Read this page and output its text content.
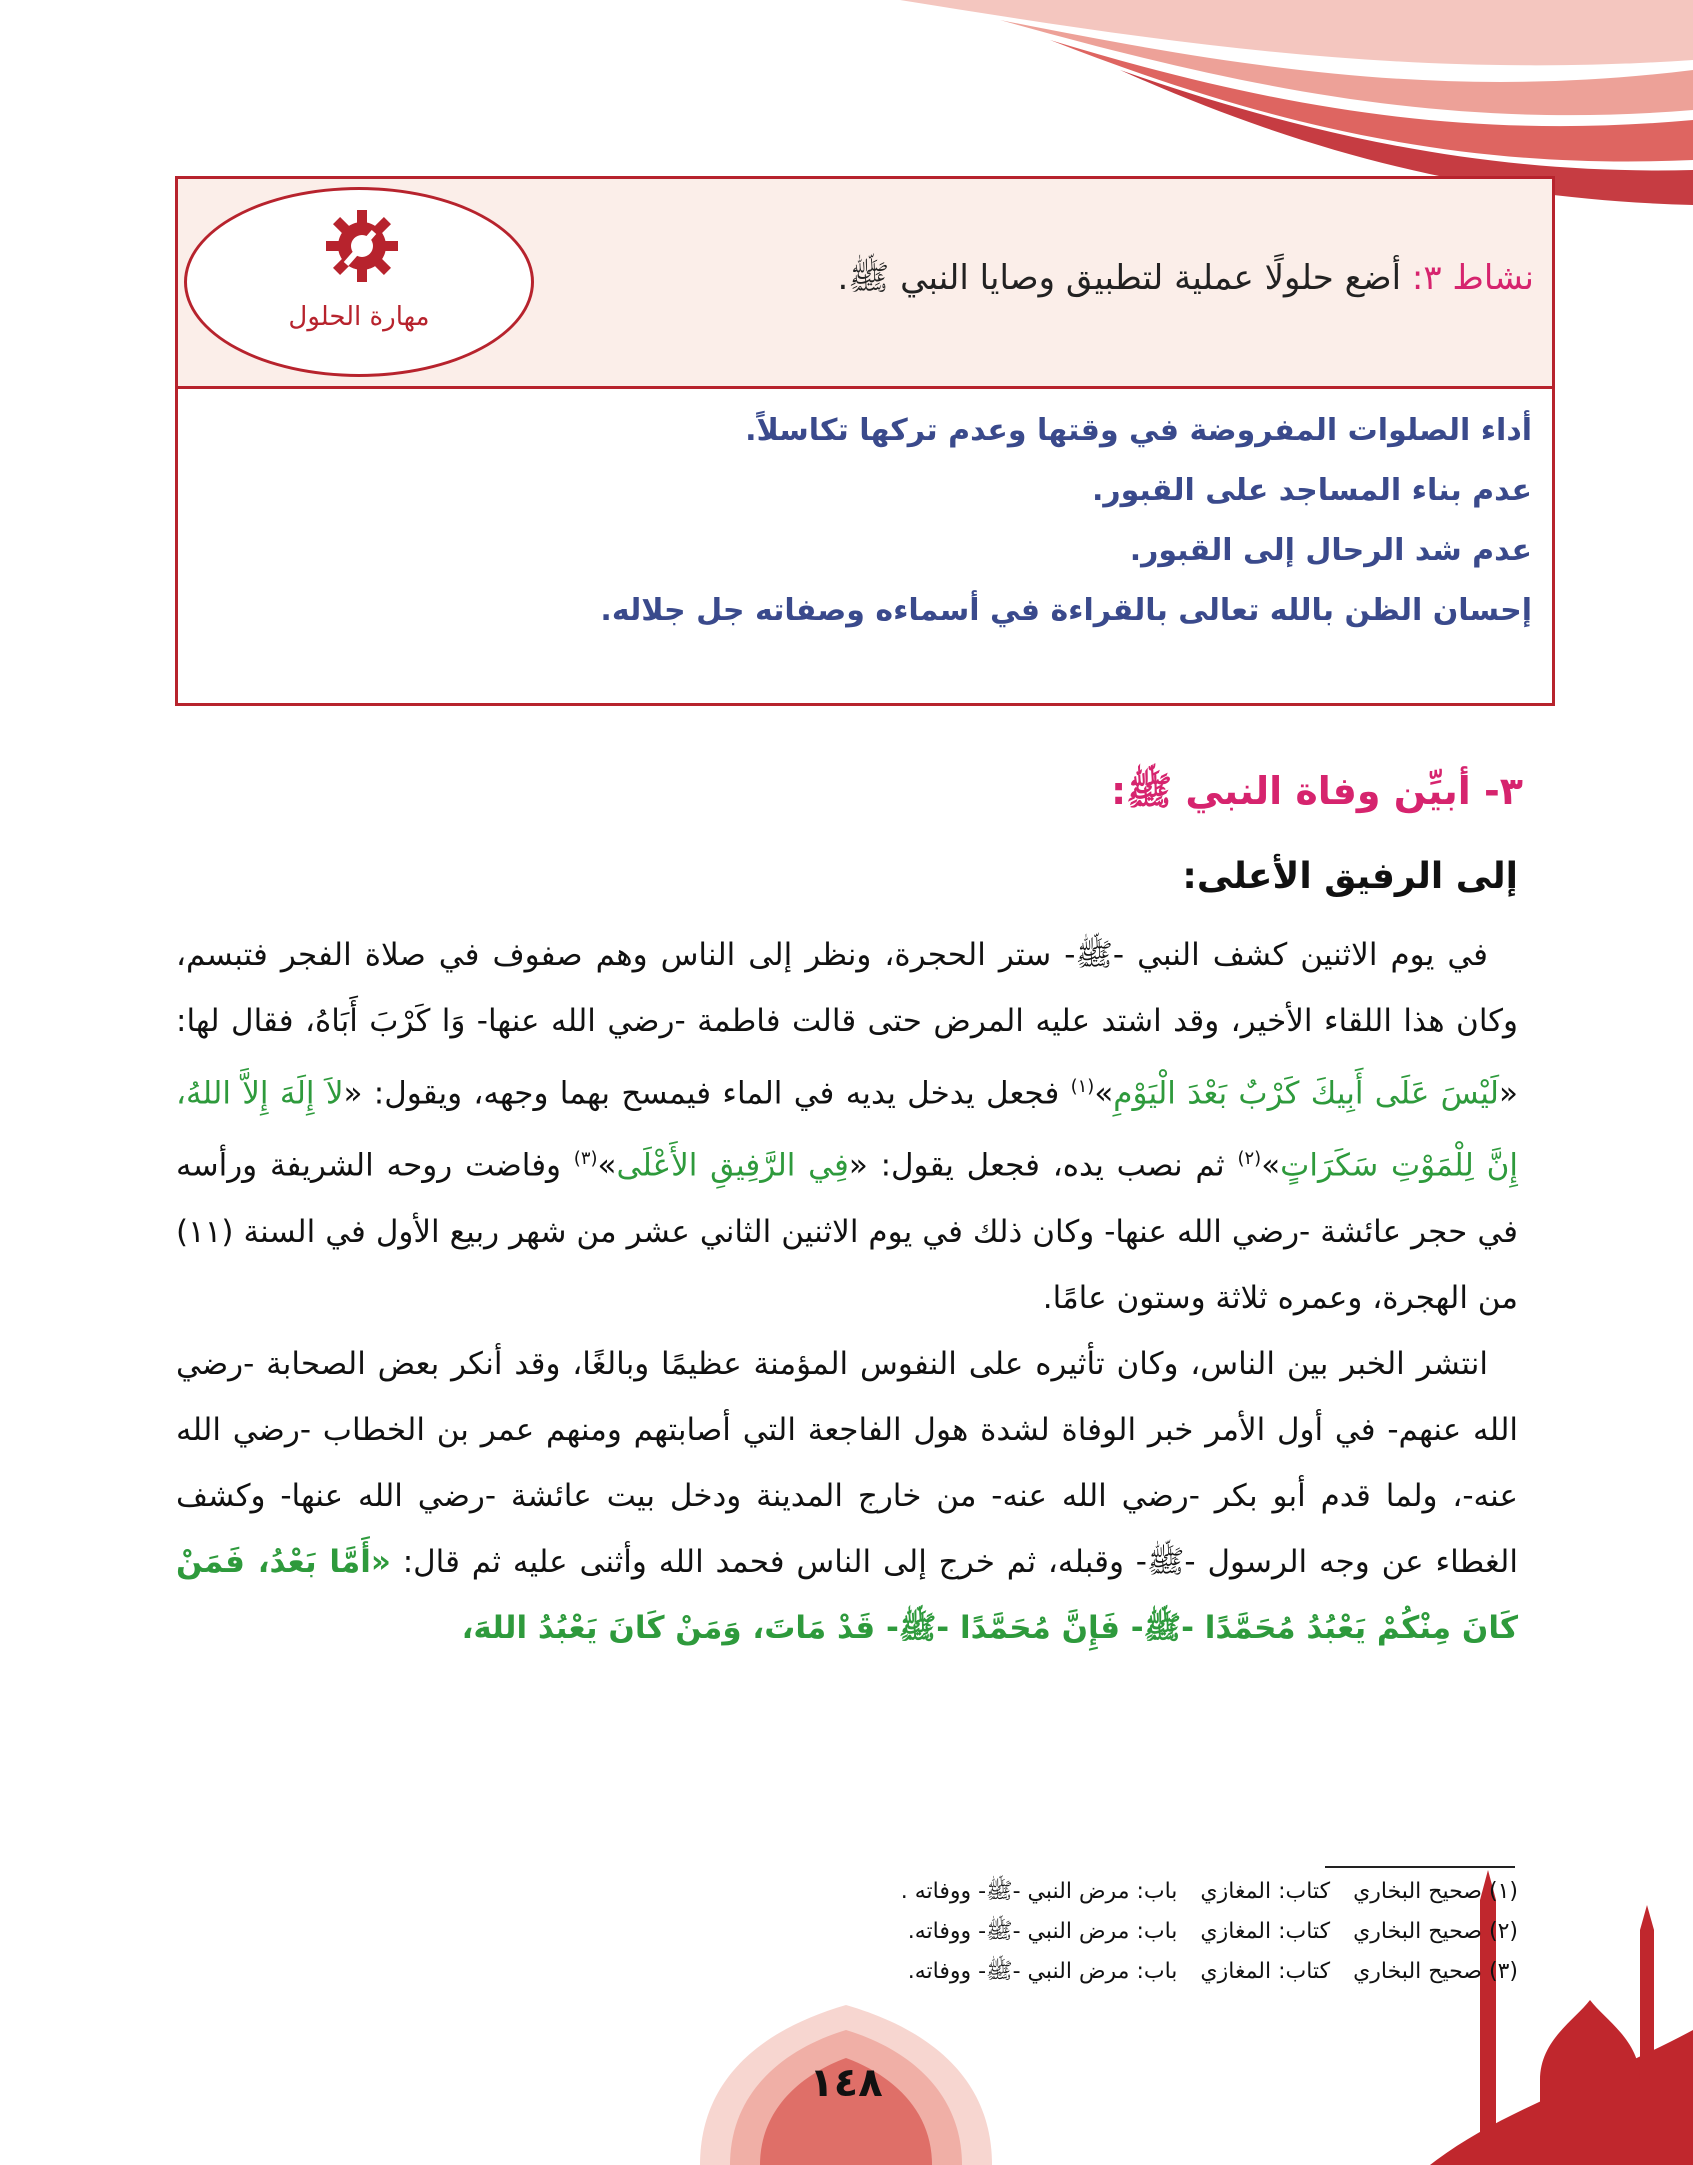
مهارة الحلول
نشاط ٣: أضع حلولًا عملية لتطبيق وصايا النبي ﷺ.
أداء الصلوات المفروضة في وقتها وعدم تركها تكاسلاً.
عدم بناء المساجد على القبور.
عدم شد الرحال إلى القبور.
إحسان الظن بالله تعالى بالقراءة في أسماءه وصفاته جل جلاله.
٣- أبيِّن وفاة النبي ﷺ:
إلى الرفيق الأعلى:

في يوم الاثنين كشف النبي -ﷺ- ستر الحجرة، ونظر إلى الناس وهم صفوف في صلاة الفجر فتبسم، وكان هذا اللقاء الأخير، وقد اشتد عليه المرض حتى قالت فاطمة -رضي الله عنها- وَا كَرْبَ أَبَاهُ، فقال لها: «لَيْسَ عَلَى أَبِيكَ كَرْبٌ بَعْدَ الْيَوْمِ»$^{(١)}$ فجعل يدخل يديه في الماء فيمسح بهما وجهه، ويقول: «لاَ إِلَهَ إِلاَّ اللهُ، إِنَّ لِلْمَوْتِ سَكَرَاتٍ»$^{(٢)}$ ثم نصب يده، فجعل يقول: «فِي الرَّفِيقِ الأَعْلَى»$^{(٣)}$ وفاضت روحه الشريفة ورأسه في حجر عائشة -رضي الله عنها- وكان ذلك في يوم الاثنين الثاني عشر من شهر ربيع الأول في السنة (١١) من الهجرة، وعمره ثلاثة وستون عامًا.

انتشر الخبر بين الناس، وكان تأثيره على النفوس المؤمنة عظيمًا وبالغًا، وقد أنكر بعض الصحابة -رضي الله عنهم- في أول الأمر خبر الوفاة لشدة هول الفاجعة التي أصابتهم ومنهم عمر بن الخطاب -رضي الله عنه-، ولما قدم أبو بكر -رضي الله عنه- من خارج المدينة ودخل بيت عائشة -رضي الله عنها- وكشف الغطاء عن وجه الرسول -ﷺ- وقبله، ثم خرج إلى الناس فحمد الله وأثنى عليه ثم قال: «أَمَّا بَعْدُ، فَمَنْ كَانَ مِنْكُمْ يَعْبُدُ مُحَمَّدًا -ﷺ- فَإِنَّ مُحَمَّدًا -ﷺ- قَدْ مَاتَ، وَمَنْ كَانَ يَعْبُدُ اللهَ،

(١) صحيح البخاري كتاب: المغازي باب: مرض النبي -ﷺ- ووفاته .
(٢) صحيح البخاري كتاب: المغازي باب: مرض النبي -ﷺ- ووفاته.
(٣) صحيح البخاري كتاب: المغازي باب: مرض النبي -ﷺ- ووفاته.
١٤٨
